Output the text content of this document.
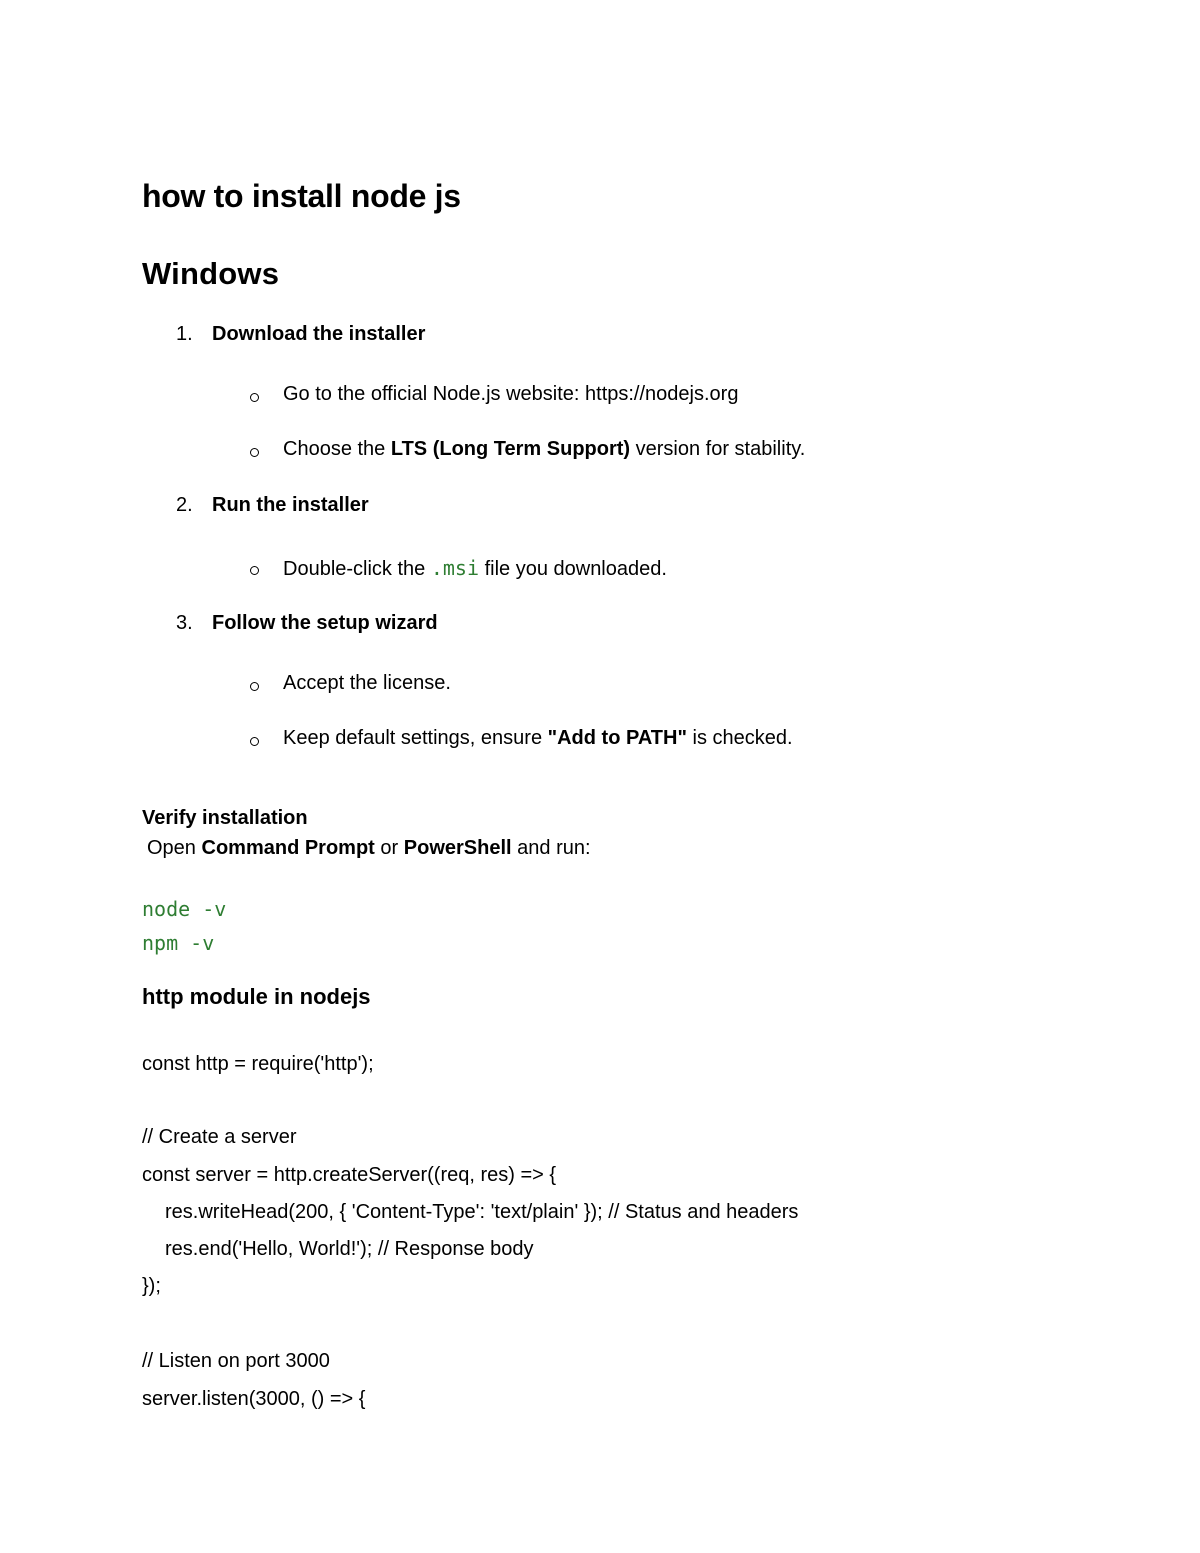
how to install node js
Windows
1. Download the installer
Go to the official Node.js website: https://nodejs.org
Choose the LTS (Long Term Support) version for stability.
2. Run the installer
Double-click the .msi file you downloaded.
3. Follow the setup wizard
Accept the license.
Keep default settings, ensure "Add to PATH" is checked.
Verify installation
Open Command Prompt or PowerShell and run:
node -v
npm -v
http module in nodejs
const http = require('http');
// Create a server
const server = http.createServer((req, res) => {
res.writeHead(200, { 'Content-Type': 'text/plain' }); // Status and headers
res.end('Hello, World!'); // Response body
});
// Listen on port 3000
server.listen(3000, () => {
